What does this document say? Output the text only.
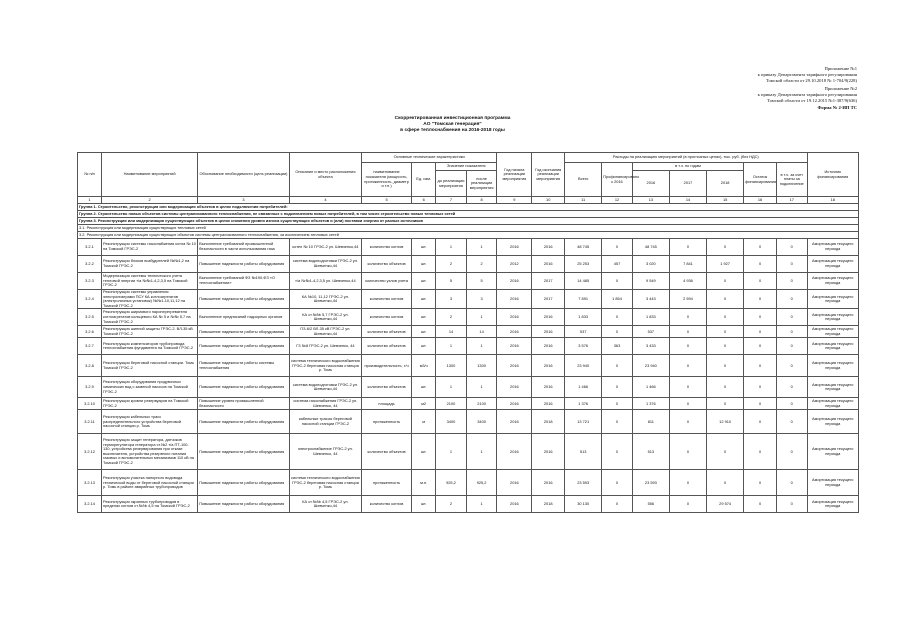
Приложение №1

к приказу Департамента тарифного регулирования

Томской области от 29.10.2018 № 1-704/9(228)

Приложение №2

к приказу Департамента тарифного регулирования

Томской области от 19.12.2015 №1-387/9(636)

Форма № 2-ИП ТС

Скорректированная инвестиционная программа

АО "Томская генерация"

в сфере теплоснабжения на 2016-2018 годы

№ п/п	Наименование мероприятий	Обоснование необходимости (цель реализации)	Описание и место расположения объекта	Основные технические характеристики				Год начала реализации мероприятия	Год окончания реализации мероприятия	Расходы на реализацию мероприятий (в прогнозных ценах), тыс. руб. (без НДС)							Источник финансирования
				наименование показателя (мощность, протяженность, диаметр и т.п.)	Ед. изм.	Значение показателя				Всего	Профинансировано к 2016	в т.ч. по годам			Остаток финансирования	в т.ч. за счет платы за подключение	
						до реализации мероприятия	после реализации мероприятия					2016	2017	2018			
1	2	3	4	5	6	7	8	9	10	11	12	13	14	15	16	17	18
Группа 1. Строительство, реконструкция или модернизация объектов в целях подключения потребителей:																	
Группа 2. Строительство новых объектов системы централизованного теплоснабжения, не связанных с подключением новых потребителей, в том числе строительство новых тепловых сетей																	
Группа 3. Реконструкция или модернизация существующих объектов в целях снижения уровня износа существующих объектов и (или) поставки энергии от разных источников																	
3.1. Реконструкция или модернизация существующих тепловых сетей																	
3.2. Реконструкция или модернизация существующих объектов системы централизованного теплоснабжения, за исключением тепловых сетей																	
3.2.1	Реконструкция системы газоснабжения котла № 10 на Томской ГРЭС-2	Выполнение требований промышленной безопасности в части использования газа	котел № 10 ГРЭС-2 ул. Шевченко,44	количество котлов	шт.	1	1	2016	2016	48 745	0	48 745	0	0	0	0	Амортизация текущего периода
3.2.2	Реконструкция блоков возбудителей №№1,2 на Томской ГРЭС-2	Повышение надежности работы оборудования	система водоподготовки ГРЭС-2 ул. Шевченко,44	количество объектов	шт.	2	2	2012	2016	25 253	457	3 020	7 841	1 927	0	0	Амортизация текущего периода
3.2.3	Модернизация системы технического учета тепловой энергии т/а №№1-4,2,3,5 на Томской ГРЭС-2	Выполнение требований ФЗ №190-ФЗ «О теплоснабжении»	т/а №№1-4,2,3,5 ул. Шевченко,44	количество узлов учета	шт.	5	5	2016	2017	14 485	0	9 549	4 936	0	0	0	Амортизация текущего периода
3.2.4	Реконструкция системы управления электролизерами ПСУ КА котлоагрегатов (электролизных установок) №№1-10,11,12 на Томской ГРЭС-2	Повышение надежности работы оборудования	КА №10, 11,12 ГРЭС-2 ул. Шевченко,44	количество котлов	шт.	3	3	2016	2017	7 891	1 854	3 443	2 594	0	0	0	Амортизация текущего периода
3.2.5	Реконструкция ширмового пароперегревателя котлоагрегатов кольцевого КА № 5 и №№ 5,7 на Томской ГРЭС-2	Выполнение предписаний надзорных органов	КА ст.№№ 5,7 ГРЭС-2 ул. Шевченко,44	количество котлов	шт.	2	1	2016	2016	1 833	0	1 833	0	0	0	0	Амортизация текущего периода
3.2.6	Реконструкция шинной защиты ГРЭС-2. ВЛ-35 кВ Томской ГРЭС-2	Повышение надежности работы оборудования	ПЗ-6/2 ВЛ-35 кВ ГРЭС-2 ул. Шевченко,44	количество объектов	шт.	14	14	2016	2016	537	0	537	0	0	0	0	Амортизация текущего периода
3.2.7	Реконструкция компенсаторов трубопровода теплоснабжения фундамента на Томской ГРЭС-2	Повышение надежности работы оборудования	ГЗ №8 ГРЭС-2 ул. Шевченко, 44	количество объектов	шт.	1	1	2016	2016	3 576	363	3 433	0	0	0	0	Амортизация текущего периода
3.2.8	Реконструкция береговой насосной станции. Томь Томской ГРЭС-2	Повышение надежности работы системы теплоснабжения	система технического водоснабжения ГРЭС-2 береговая насосная станция р. Томь	производительность, т/ч	м3/ч	1300	1300	2016	2016	23 940	0	23 940	0	0	0	0	Амортизация текущего периода
3.2.9	Реконструкция оборудования продувочных химических вод с заменой насосов на Томской ГРЭС-2	Повышение надежности работы оборудования	система водоподготовки ГРЭС-2 ул. Шевченко,44	количество объектов	шт.	1	1	2016	2016	1 466	0	1 466	0	0	0	0	Амортизация текущего периода
3.2.10	Реконструкция кровли резервуаров на Томской ГРЭС-2	Повышение уровня промышленной безопасности	система газоснабжения ГРЭС-2 ул. Шевченко, 44	площадь	м2	2100	2100	2016	2016	1 376	0	1 376	0	0	0	0	Амортизация текущего периода
3.2.11	Реконструкция кабельных трасс распределительного устройства береговой насосной станции р. Томь	Повышение надежности работы оборудования	кабельные трассы береговой насосной станции ГРЭС-2	протяженность	м	3400	3400	2016	2018	13 721	0	811	0	12 910	0	0	Амортизация текущего периода
3.2.12	Реконструкция защит генератора, датчиков терморегулятора генератора ст.№2 т/а ПТ-100-130, устройства резервирования при отказе выключателя, устройства резервного питания газовых и вспомогательных механизмов 110 кВ на Томской ГРЭС-2	Повышение надежности работы оборудования	электроснабжение ГРЭС-2 ул. Шевченко, 44	количество объектов	шт.	1	1	2016	2016	513	0	513	0	0	0	0	Амортизация текущего периода
3.2.13	Реконструкция участка напорного водовода технической воды от береговой насосной станции р. Томь в районе аварийных трубопроводов	Повышение надежности работы оборудования	система технического водоснабжения ГРЭС-2 береговая насосная станция р. Томь	протяженность	м.п.	925,2	925,2	2016	2016	23 593	0	23 593	0	0	0	0	Амортизация текущего периода
3.2.14	Реконструкция экранных трубопроводов в пределах котлов ст.№№ 4,5 на Томской ГРЭС-2	Повышение надежности работы оборудования	КА ст.№№ 4,5 ГРЭС-2 ул. Шевченко,44	количество котлов	шт.	2	1	2016	2018	30 130	0	556	0	29 574	0	0	Амортизация текущего периода
